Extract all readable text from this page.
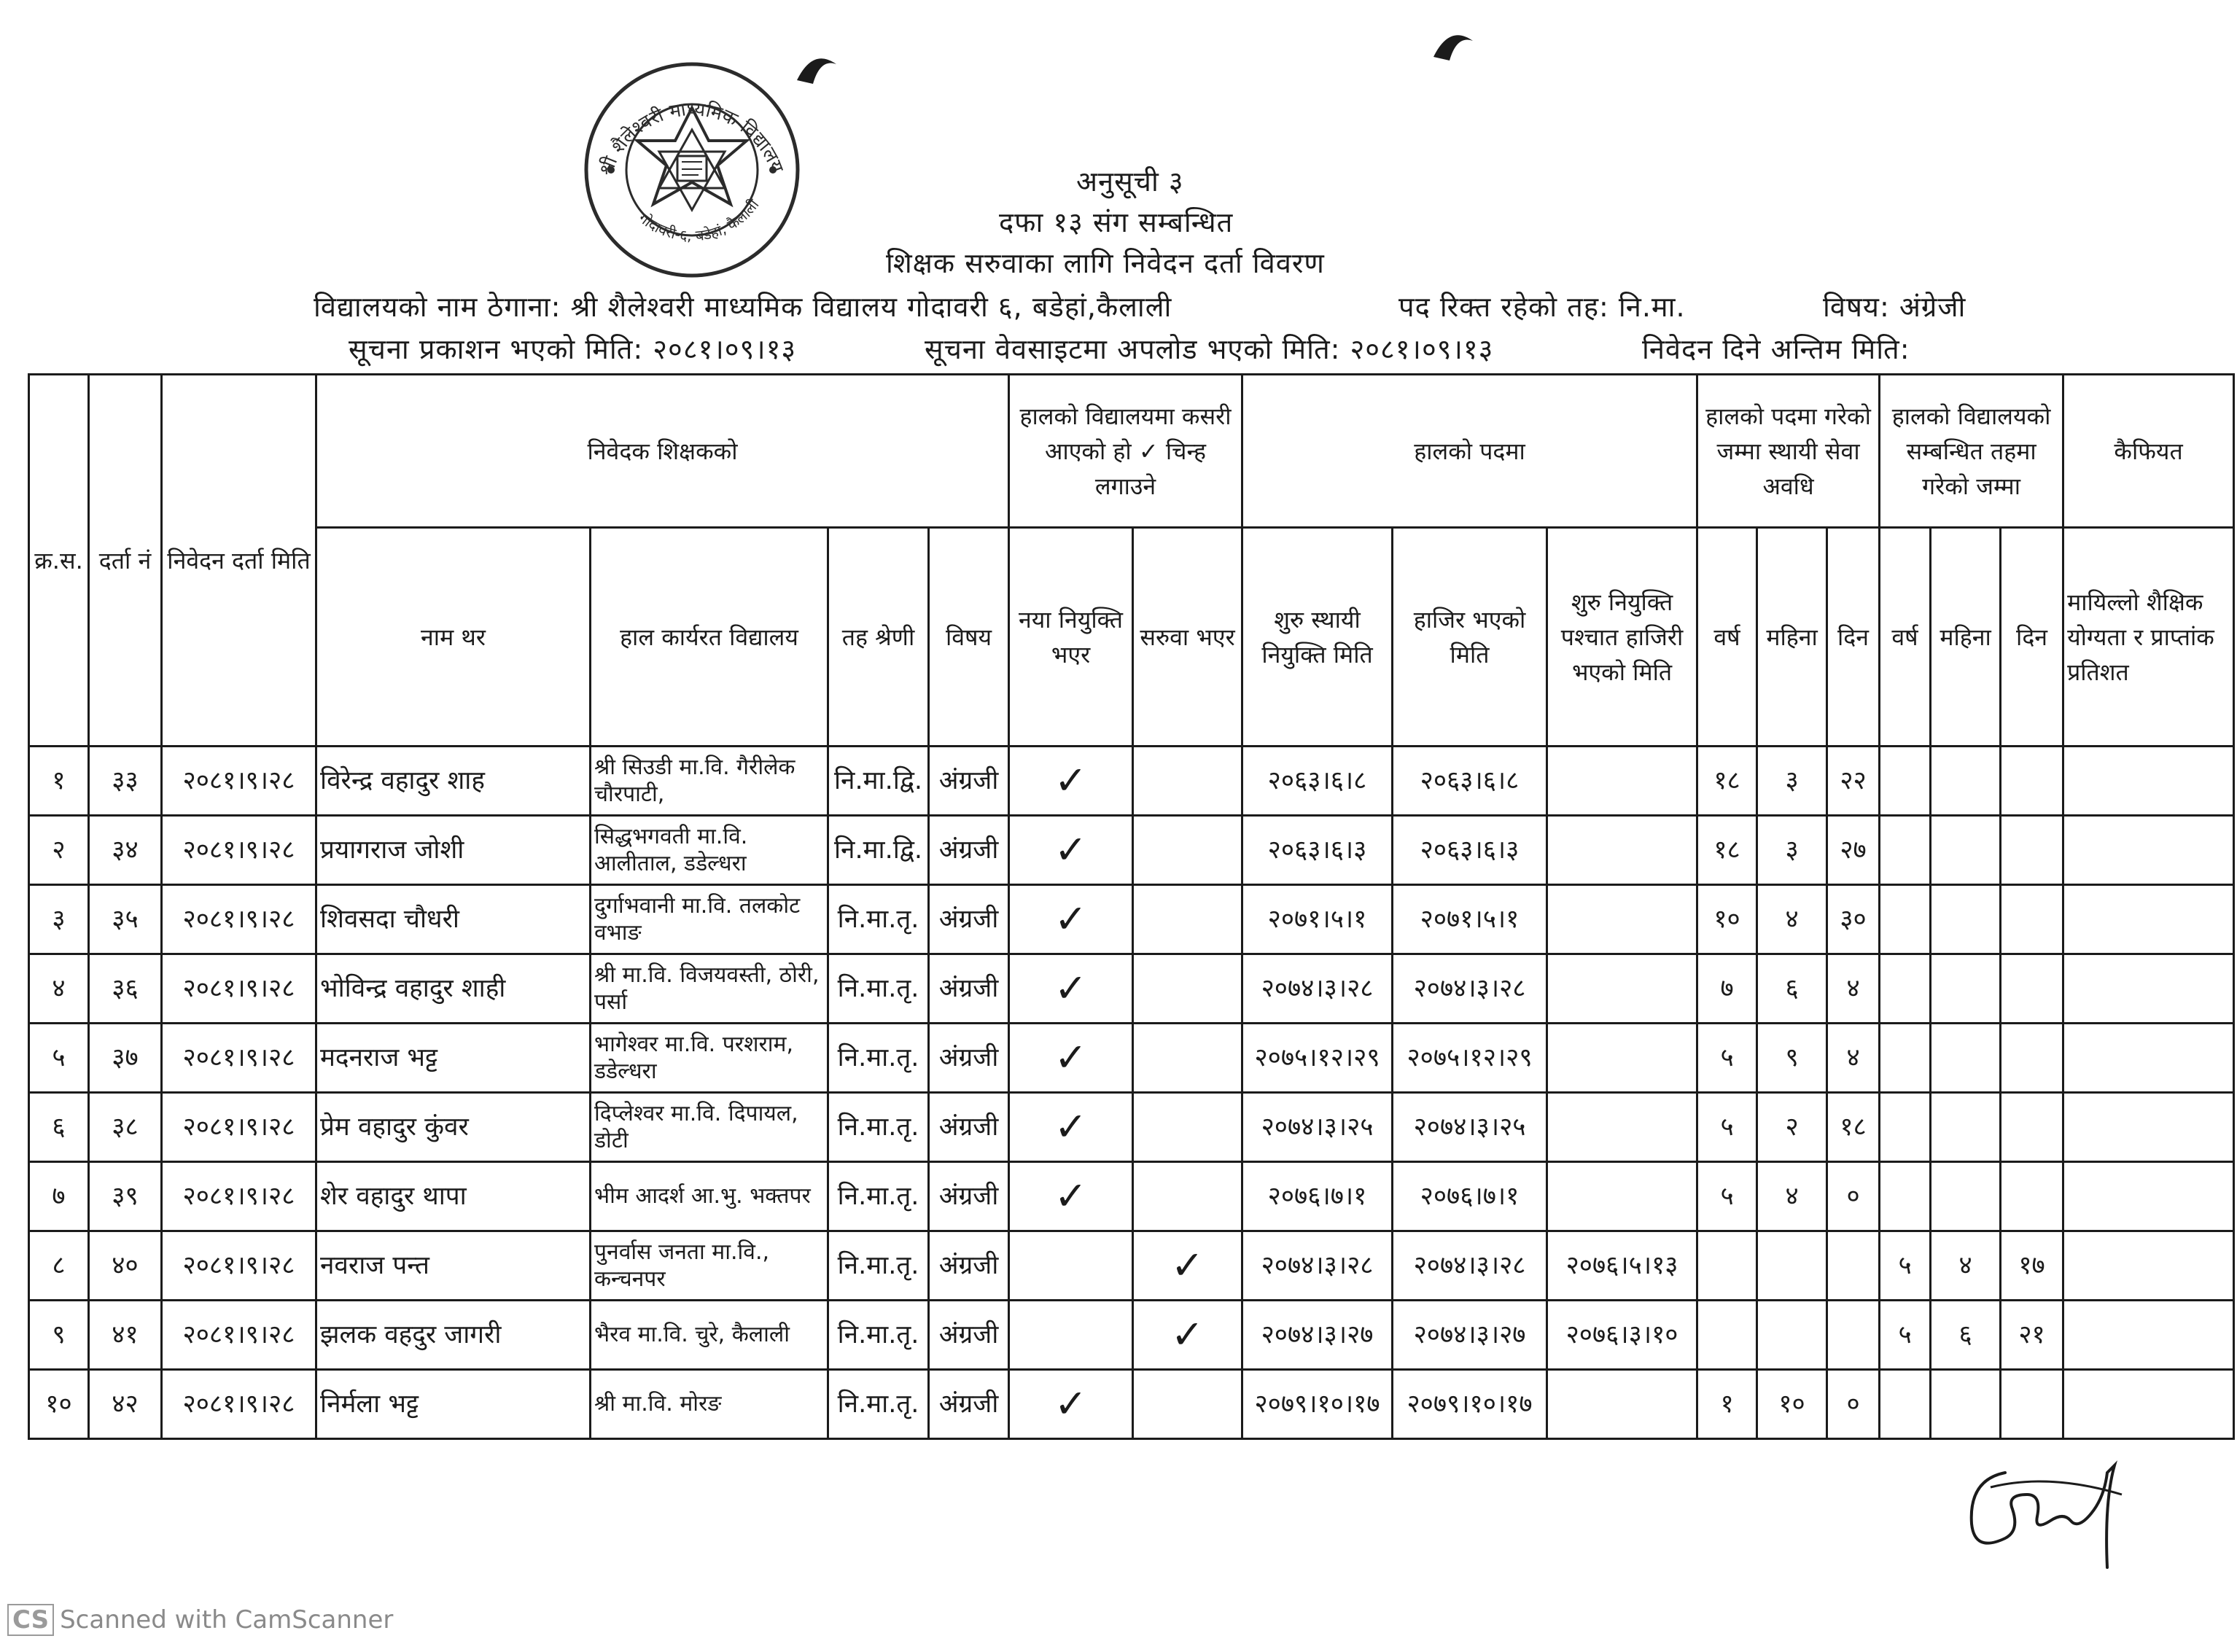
श्री शैलेश्वरी माध्यमिक विद्यालय
गोदावरी-६, बडेहां, कैलाली
अनुसूची ३
दफा १३ संग सम्बन्धित
शिक्षक सरुवाका लागि निवेदन दर्ता विवरण
विद्यालयको नाम ठेगाना: श्री शैलेश्वरी माध्यमिक विद्यालय गोदावरी ६, बडेहां,कैलाली	पद रिक्त रहेको तह: नि.मा.	विषय: अंग्रेजी
सूचना प्रकाशन भएको मिति: २०८१।०९।१३	सूचना वेवसाइटमा अपलोड भएको मिति: २०८१।०९।१३	निवेदन दिने अन्तिम मिति:
क्र.स.	दर्ता नं	निवेदन दर्ता मिति	निवेदक शिक्षकको				हालको विद्यालयमा कसरी आएको हो ✓ चिन्ह लगाउने		हालको पदमा			हालको पदमा गरेको जम्मा स्थायी सेवा अवधि			हालको विद्यालयको सम्बन्धित तहमा गरेको जम्मा			कैफियत
			नाम थर	हाल कार्यरत विद्यालय	तह श्रेणी	विषय	नया नियुक्ति भएर	सरुवा भएर	शुरु स्थायी नियुक्ति मिति	हाजिर भएको मिति	शुरु नियुक्ति पश्चात हाजिरी भएको मिति	वर्ष	महिना	दिन	वर्ष	महिना	दिन	मायिल्लो शैक्षिक योग्यता र प्राप्तांक प्रतिशत
१	३३	२०८१।९।२८	विरेन्द्र वहादुर शाह	श्री सिउडी मा.वि. गैरीलेक चौरपाटी,	नि.मा.द्वि.	अंग्रजी	✓		२०६३।६।८	२०६३।६।८		१८	३	२२				
२	३४	२०८१।९।२८	प्रयागराज जोशी	सिद्धभगवती मा.वि. आलीताल, डडेल्धरा	नि.मा.द्वि.	अंग्रजी	✓		२०६३।६।३	२०६३।६।३		१८	३	२७				
३	३५	२०८१।९।२८	शिवसदा चौधरी	दुर्गाभवानी मा.वि. तलकोट वभाङ	नि.मा.तृ.	अंग्रजी	✓		२०७१।५।१	२०७१।५।१		१०	४	३०				
४	३६	२०८१।९।२८	भोविन्द्र वहादुर शाही	श्री मा.वि. विजयवस्ती, ठोरी, पर्सा	नि.मा.तृ.	अंग्रजी	✓		२०७४।३।२८	२०७४।३।२८		७	६	४				
५	३७	२०८१।९।२८	मदनराज भट्ट	भागेश्वर मा.वि. परशराम, डडेल्धरा	नि.मा.तृ.	अंग्रजी	✓		२०७५।१२।२९	२०७५।१२।२९		५	९	४				
६	३८	२०८१।९।२८	प्रेम वहादुर कुंवर	दिप्लेश्वर मा.वि. दिपायल, डोटी	नि.मा.तृ.	अंग्रजी	✓		२०७४।३।२५	२०७४।३।२५		५	२	१८				
७	३९	२०८१।९।२८	शेर वहादुर थापा	भीम आदर्श आ.भु. भक्तपर	नि.मा.तृ.	अंग्रजी	✓		२०७६।७।१	२०७६।७।१		५	४	०				
८	४०	२०८१।९।२८	नवराज पन्त	पुनर्वास जनता मा.वि., कन्चनपर	नि.मा.तृ.	अंग्रजी		✓	२०७४।३।२८	२०७४।३।२८	२०७६।५।१३				५	४	१७	
९	४१	२०८१।९।२८	झलक वहदुर जागरी	भैरव मा.वि. चुरे, कैलाली	नि.मा.तृ.	अंग्रजी		✓	२०७४।३।२७	२०७४।३।२७	२०७६।३।१०				५	६	२१	
१०	४२	२०८१।९।२८	निर्मला भट्ट	श्री मा.वि. मोरङ	नि.मा.तृ.	अंग्रजी	✓		२०७९।१०।१७	२०७९।१०।१७		१	१०	०				
CS Scanned with CamScanner
